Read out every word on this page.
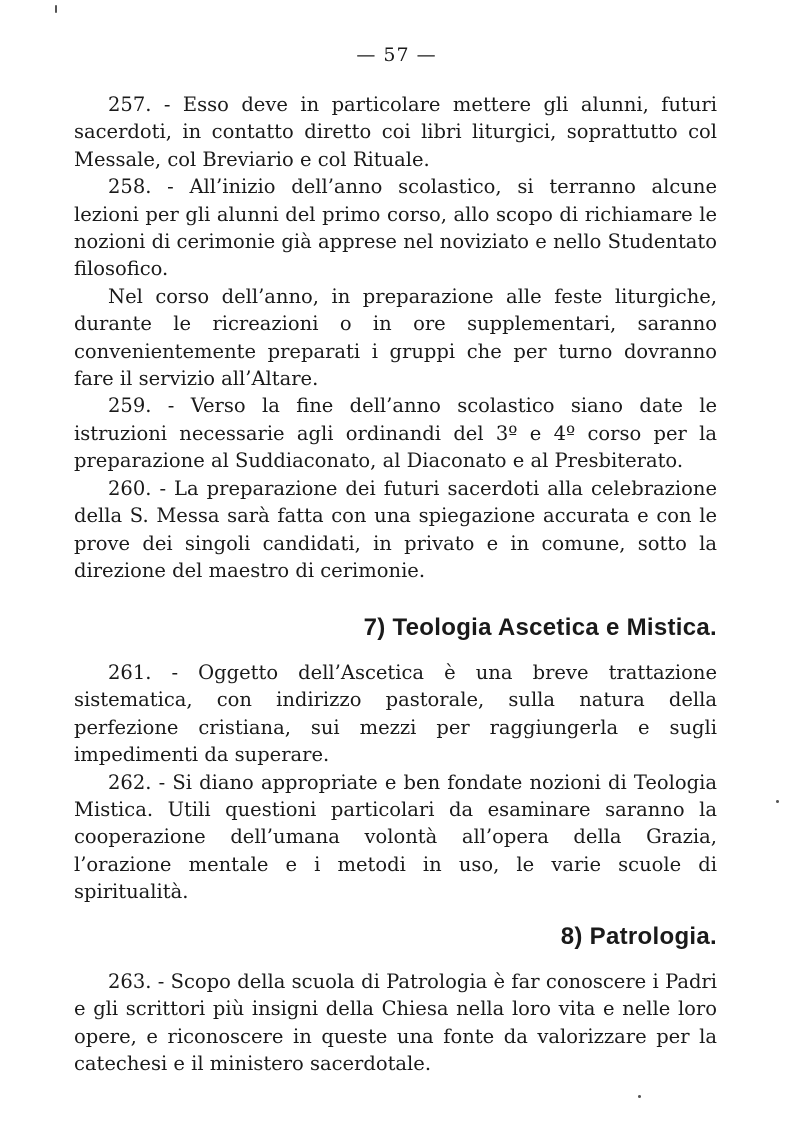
— 57 —

257. - Esso deve in particolare mettere gli alunni, futuri sacerdoti, in contatto diretto coi libri liturgici, soprattutto col Messale, col Breviario e col Rituale.

258. - All’inizio dell’anno scolastico, si terranno alcune lezioni per gli alunni del primo corso, allo scopo di richiamare le nozioni di cerimonie già apprese nel noviziato e nello Studentato filosofico.

Nel corso dell’anno, in preparazione alle feste liturgiche, durante le ricreazioni o in ore supplementari, saranno convenientemente preparati i gruppi che per turno dovranno fare il servizio all’Altare.

259. - Verso la fine dell’anno scolastico siano date le istruzioni necessarie agli ordinandi del 3º e 4º corso per la preparazione al Suddiaconato, al Diaconato e al Presbiterato.

260. - La preparazione dei futuri sacerdoti alla celebrazione della S. Messa sarà fatta con una spiegazione accurata e con le prove dei singoli candidati, in privato e in comune, sotto la direzione del maestro di cerimonie.

7) Teologia Ascetica e Mistica.

261. - Oggetto dell’Ascetica è una breve trattazione sistematica, con indirizzo pastorale, sulla natura della perfezione cristiana, sui mezzi per raggiungerla e sugli impedimenti da superare.

262. - Si diano appropriate e ben fondate nozioni di Teologia Mistica. Utili questioni particolari da esaminare saranno la cooperazione dell’umana volontà all’opera della Grazia, l’orazione mentale e i metodi in uso, le varie scuole di spiritualità.

8) Patrologia.

263. - Scopo della scuola di Patrologia è far conoscere i Padri e gli scrittori più insigni della Chiesa nella loro vita e nelle loro opere, e riconoscere in queste una fonte da valorizzare per la catechesi e il ministero sacerdotale.
